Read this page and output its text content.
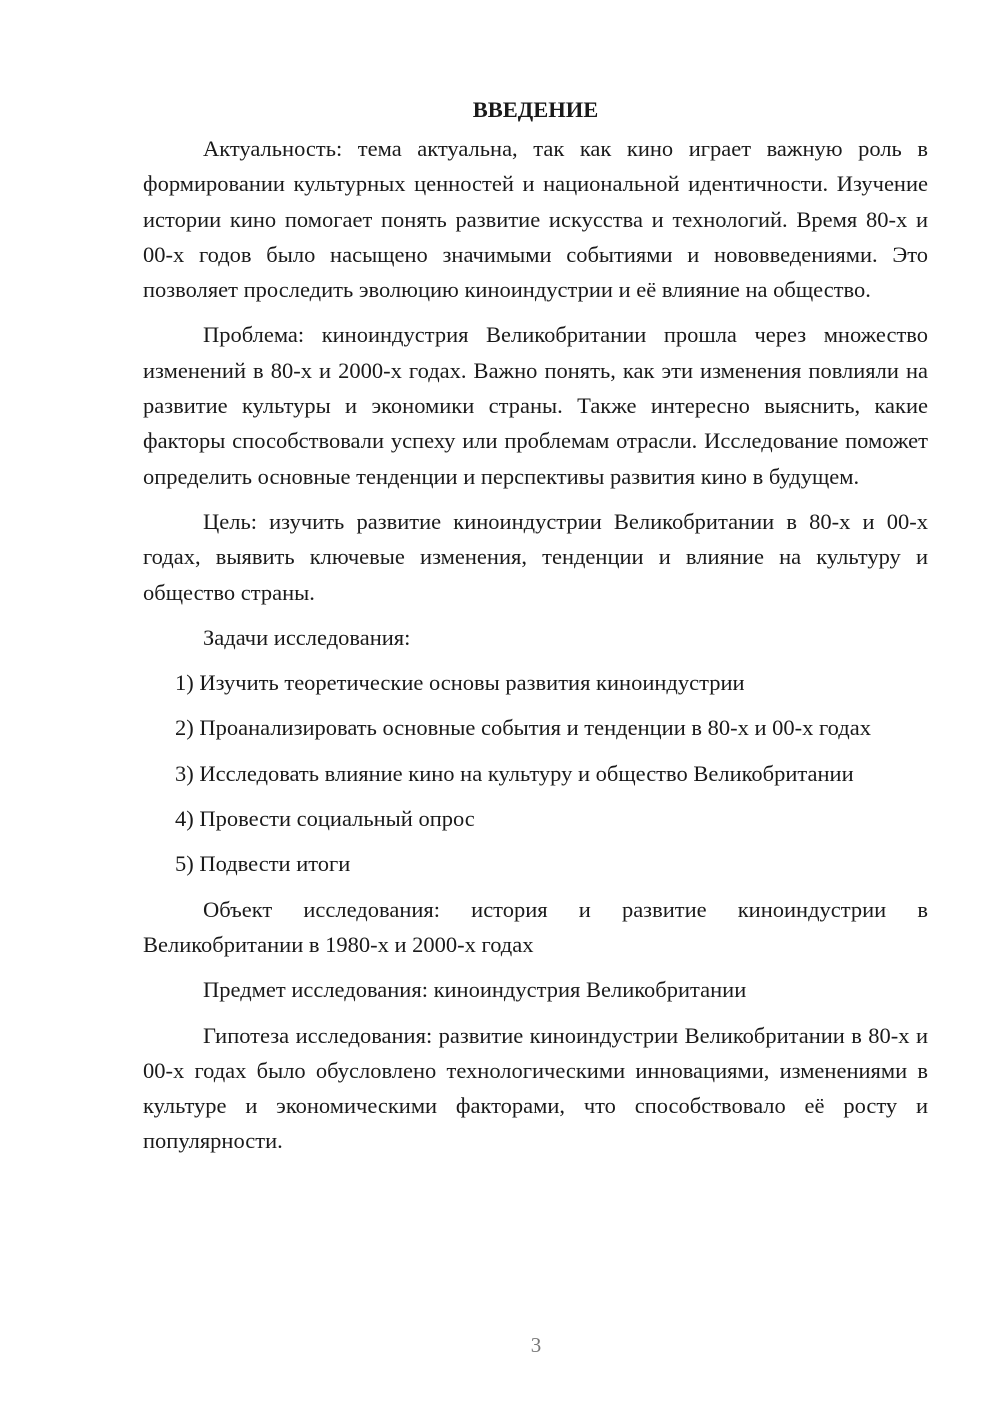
ВВЕДЕНИЕ

Актуальность: тема актуальна, так как кино играет важную роль в формировании культурных ценностей и национальной идентичности. Изучение истории кино помогает понять развитие искусства и технологий. Время 80-х и 00-х годов было насыщено значимыми событиями и нововведениями. Это позволяет проследить эволюцию киноиндустрии и её влияние на общество.

Проблема: киноиндустрия Великобритании прошла через множество изменений в 80-х и 2000-х годах. Важно понять, как эти изменения повлияли на развитие культуры и экономики страны. Также интересно выяснить, какие факторы способствовали успеху или проблемам отрасли. Исследование поможет определить основные тенденции и перспективы развития кино в будущем.

Цель: изучить развитие киноиндустрии Великобритании в 80-х и 00-х годах, выявить ключевые изменения, тенденции и влияние на культуру и общество страны.

Задачи исследования:

1) Изучить теоретические основы развития киноиндустрии

2) Проанализировать основные события и тенденции в 80-х и 00-х годах

3) Исследовать влияние кино на культуру и общество Великобритании

4) Провести социальный опрос

5) Подвести итоги

Объект исследования: история и развитие киноиндустрии в Великобритании в 1980-х и 2000-х годах

Предмет исследования: киноиндустрия Великобритании

Гипотеза исследования: развитие киноиндустрии Великобритании в 80-х и 00-х годах было обусловлено технологическими инновациями, изменениями в культуре и экономическими факторами, что способствовало её росту и популярности.

3
